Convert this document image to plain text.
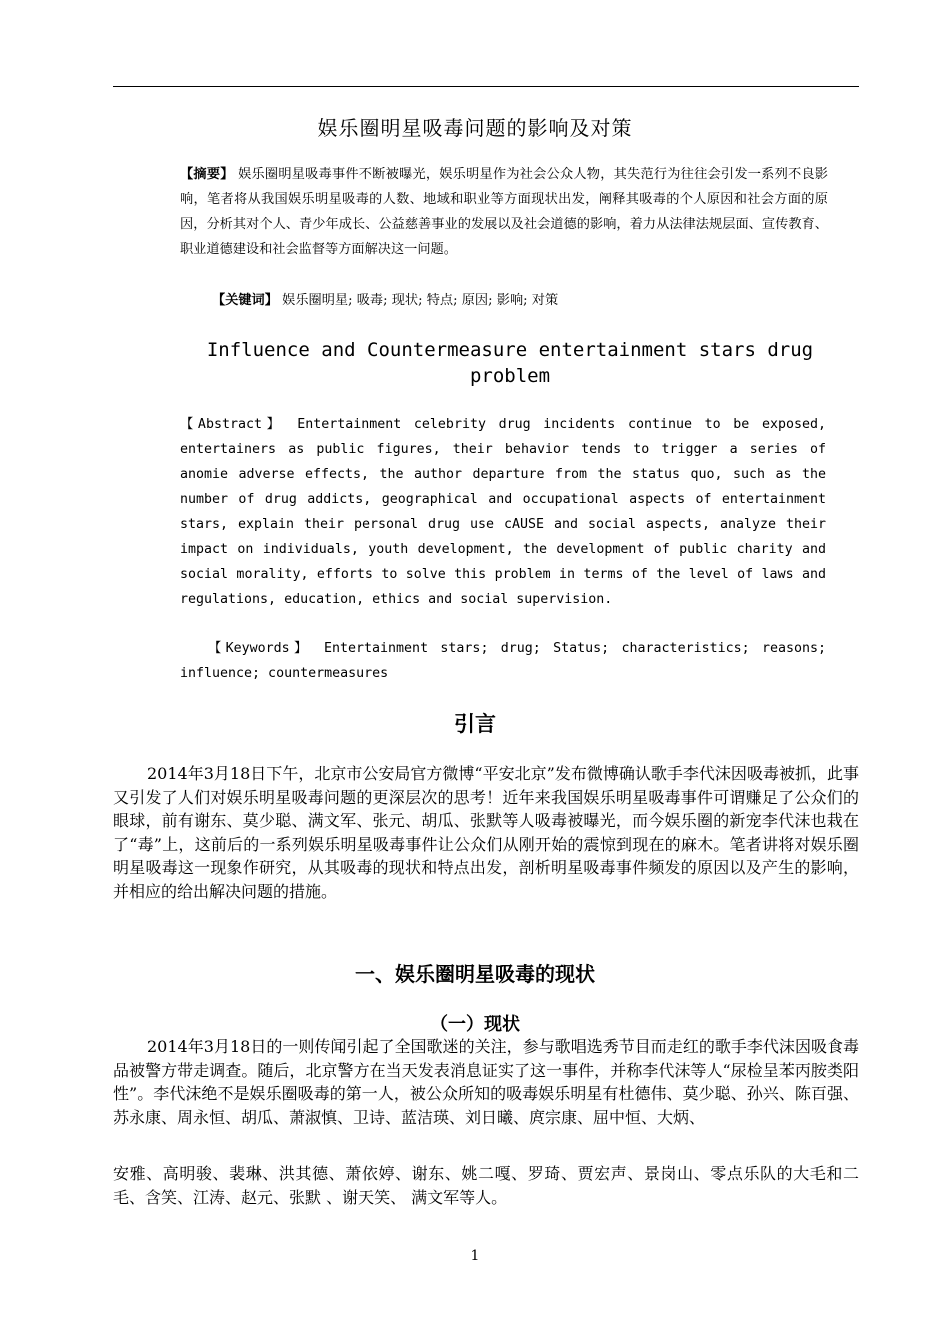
娱乐圈明星吸毒问题的影响及对策
【摘要】 娱乐圈明星吸毒事件不断被曝光，娱乐明星作为社会公众人物，其失范行为往往会引发一系列不良影响，笔者将从我国娱乐明星吸毒的人数、地域和职业等方面现状出发，阐释其吸毒的个人原因和社会方面的原因，分析其对个人、青少年成长、公益慈善事业的发展以及社会道德的影响，着力从法律法规层面、宣传教育、职业道德建设和社会监督等方面解决这一问题。
【关键词】 娱乐圈明星; 吸毒; 现状; 特点; 原因; 影响; 对策
Influence and Countermeasure entertainment stars drug problem
【Abstract】 Entertainment celebrity drug incidents continue to be exposed, entertainers as public figures, their behavior tends to trigger a series of anomie adverse effects, the author departure from the status quo, such as the number of drug addicts, geographical and occupational aspects of entertainment stars, explain their personal drug use cAUSE and social aspects, analyze their impact on individuals, youth development, the development of public charity and social morality, efforts to solve this problem in terms of the level of laws and regulations, education, ethics and social supervision.
【Keywords】 Entertainment stars; drug; Status; characteristics; reasons; influence; countermeasures
引言
2014年3月18日下午，北京市公安局官方微博“平安北京”发布微博确认歌手李代沫因吸毒被抓，此事又引发了人们对娱乐明星吸毒问题的更深层次的思考！近年来我国娱乐明星吸毒事件可谓赚足了公众们的眼球，前有谢东、莫少聪、满文军、张元、胡瓜、张默等人吸毒被曝光，而今娱乐圈的新宠李代沫也栽在了“毒”上，这前后的一系列娱乐明星吸毒事件让公众们从刚开始的震惊到现在的麻木。笔者讲将对娱乐圈明星吸毒这一现象作研究，从其吸毒的现状和特点出发，剖析明星吸毒事件频发的原因以及产生的影响，并相应的给出解决问题的措施。
一、娱乐圈明星吸毒的现状
（一）现状
2014年3月18日的一则传闻引起了全国歌迷的关注，参与歌唱选秀节目而走红的歌手李代沫因吸食毒品被警方带走调查。随后，北京警方在当天发表消息证实了这一事件，并称李代沫等人“尿检呈苯丙胺类阳性”。李代沫绝不是娱乐圈吸毒的第一人，被公众所知的吸毒娱乐明星有杜德伟、莫少聪、孙兴、陈百强、苏永康、周永恒、胡瓜、萧淑慎、卫诗、蓝洁瑛、刘日曦、庹宗康、屈中恒、大炳、
安雅、高明骏、裴琳、洪其德、萧依婷、谢东、姚二嘎、罗琦、贾宏声、景岗山、零点乐队的大毛和二毛、含笑、江涛、赵元、张默 、谢天笑、 满文军等人。
1
